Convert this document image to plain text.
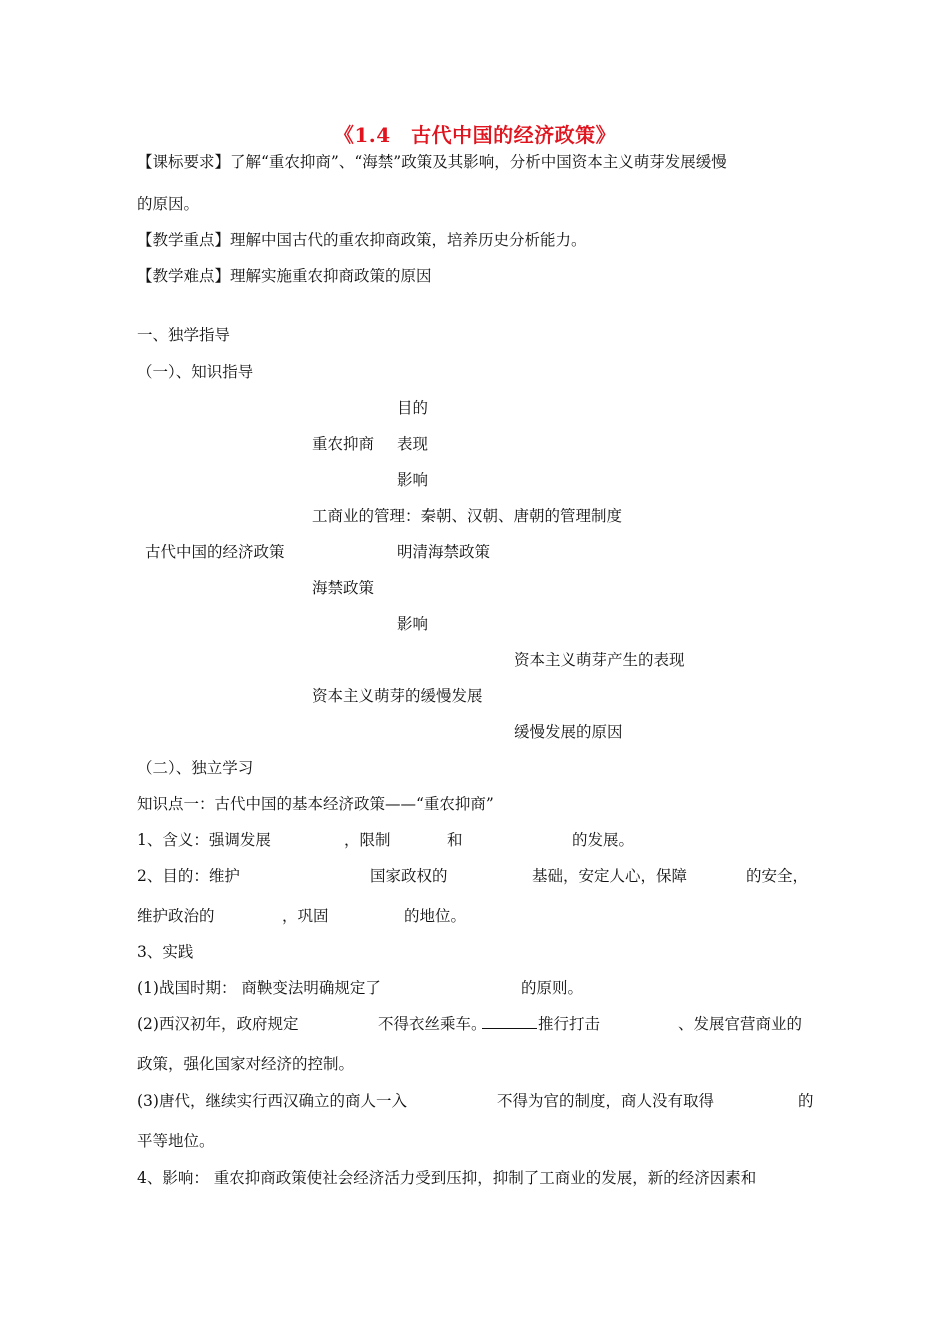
《1.4　古代中国的经济政策》
【课标要求】了解“重农抑商”、“海禁”政策及其影响，分析中国资本主义萌芽发展缓慢
的原因。
【教学重点】理解中国古代的重农抑商政策，培养历史分析能力。
【教学难点】理解实施重农抑商政策的原因
一、独学指导
（一）、知识指导
目的
重农抑商 表现
影响
工商业的管理：秦朝、汉朝、唐朝的管理制度
古代中国的经济政策	明清海禁政策
海禁政策
影响
资本主义萌芽产生的表现
资本主义萌芽的缓慢发展
缓慢发展的原因
（二）、独立学习
知识点一：古代中国的基本经济政策——“重农抑商”
1、含义：强调发展	，限制	和	的发展。
2、目的：维护	国家政权的	基础，安定人心，保障	的安全，
维护政治的	，巩固	的地位。
3、实践
(1)战国时期： 商鞅变法明确规定了	的原则。
(2)西汉初年，政府规定	不得衣丝乘车。	推行打击	、发展官营商业的
政策，强化国家对经济的控制。
(3)唐代，继续实行西汉确立的商人一入	不得为官的制度，商人没有取得	的
平等地位。
4、影响： 重农抑商政策使社会经济活力受到压抑，抑制了工商业的发展，新的经济因素和
